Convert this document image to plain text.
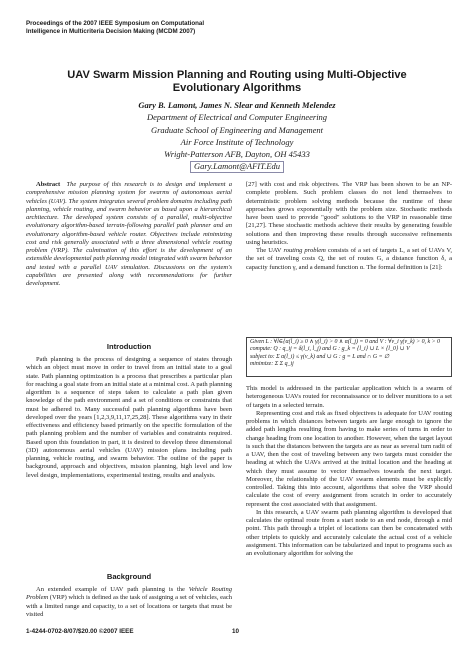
Proceedings of the 2007 IEEE Symposium on Computational
Intelligence in Multicriteria Decision Making (MCDM 2007)
UAV Swarm Mission Planning and Routing using Multi-Objective
Evolutionary Algorithms
Gary B. Lamont, James N. Slear and Kenneth Melendez
Department of Electrical and Computer Engineering
Graduate School of Engineering and Management
Air Force Institute of Technology
Wright-Patterson AFB, Dayton, OH 45433
Gary.Lamont@AFIT.Edu

Abstract The purpose of this research is to design and implement a comprehensive mission planning system for swarms of autonomous aerial vehicles (UAV). The system integrates several problem domains including path planning, vehicle routing, and swarm behavior as based upon a hierarchical architecture. The developed system consists of a parallel, multi-objective evolutionary algorithm-based terrain-following parallel path planner and an evolutionary algorithm-based vehicle router. Objectives include minimizing cost and risk generally associated with a three dimensional vehicle routing problem (VRP). The culmination of this effort is the development of an extensible developmental path planning model integrated with swarm behavior and tested with a parallel UAV simulation. Discussions on the system's capabilities are presented along with recommendations for further development.

Introduction

Path planning is the process of designing a sequence of states through which an object must move in order to travel from an initial state to a goal state. Path planning optimization is a process that prescribes a particular plan for reaching a goal state from an initial state at a minimal cost. A path planning algorithm is a sequence of steps taken to calculate a path plan given knowledge of the path environment and a set of conditions or constraints that must be adhered to. Many successful path planning algorithms have been developed over the years [1,2,3,9,11,17,25,28]. These algorithms vary in their effectiveness and efficiency based primarily on the specific formulation of the path planning problem and the number of variables and constraints required. Based upon this foundation in part, it is desired to develop three dimensional (3D) autonomous aerial vehicles (UAV) mission plans including path planning, vehicle routing, and swarm behavior. The outline of the paper is background, approach and objectives, mission planning, high level and low level design, implementations, experimental testing, results and analysis.

Background

An extended example of UAV path planning is the Vehicle Routing Problem (VRP) which is defined as the task of assigning a set of vehicles, each with a limited range and capacity, to a set of locations or targets that must be visited

[27] with cost and risk objectives. The VRP has been shown to be an NP-complete problem. Such problem classes do not lend themselves to deterministic problem solving methods because the runtime of these approaches grows exponentially with the problem size. Stochastic methods have been used to provide "good" solutions to the VRP in reasonable time [21,27]. These stochastic methods achieve their results by generating feasible solutions and then improving these results through successive refinements using heuristics.

The UAV routing problem consists of a set of targets L, a set of UAVs V, the set of traveling costs Q, the set of routes G, a distance function δ, a capacity function γ, and a demand function α. The formal definition is [21]:

Given L : ∀l∈{α(l_i) ≥ 0 ∧ γ(l_i) > 0 ∧ α(l_j) = 0 and V : ∀v_i γ(v_k) > 0, k > 0
compute: Q : q_ij = δ(l_i, l_j) and G : g_k = {l_i} ∪ L × {l_0} ∪ V
subject to: Σ α(l_i) ≤ γ(v_k) and ∪ G : g = L and ∩ G = ∅
minimize: Σ Σ q_ij

This model is addressed in the particular application which is a swarm of heterogeneous UAVs routed for reconnaissance or to deliver munitions to a set of targets in a selected terrain.

Representing cost and risk as fixed objectives is adequate for UAV routing problems in which distances between targets are large enough to ignore the added path lengths resulting from having to make series of turns in order to change heading from one location to another. However, when the target layout is such that the distances between the targets are as near as several turn radii of a UAV, then the cost of traveling between any two targets must consider the heading at which the UAVs arrived at the initial location and the heading at which they must assume to vector themselves towards the next target. Moreover, the relationship of the UAV swarm elements must be explicitly controlled. Taking this into account, algorithms that solve the VRP should calculate the cost of every assignment from scratch in order to accurately represent the cost associated with that assignment.

In this research, a UAV swarm path planning algorithm is developed that calculates the optimal route from a start node to an end node, through a mid point. This path through a triplet of locations can then be concatenated with other triplets to quickly and accurately calculate the actual cost of a vehicle assignment. This information can be tabularized and input to programs such as an evolutionary algorithm for solving the

1-4244-0702-8/07/$20.00 ©2007 IEEE	10
